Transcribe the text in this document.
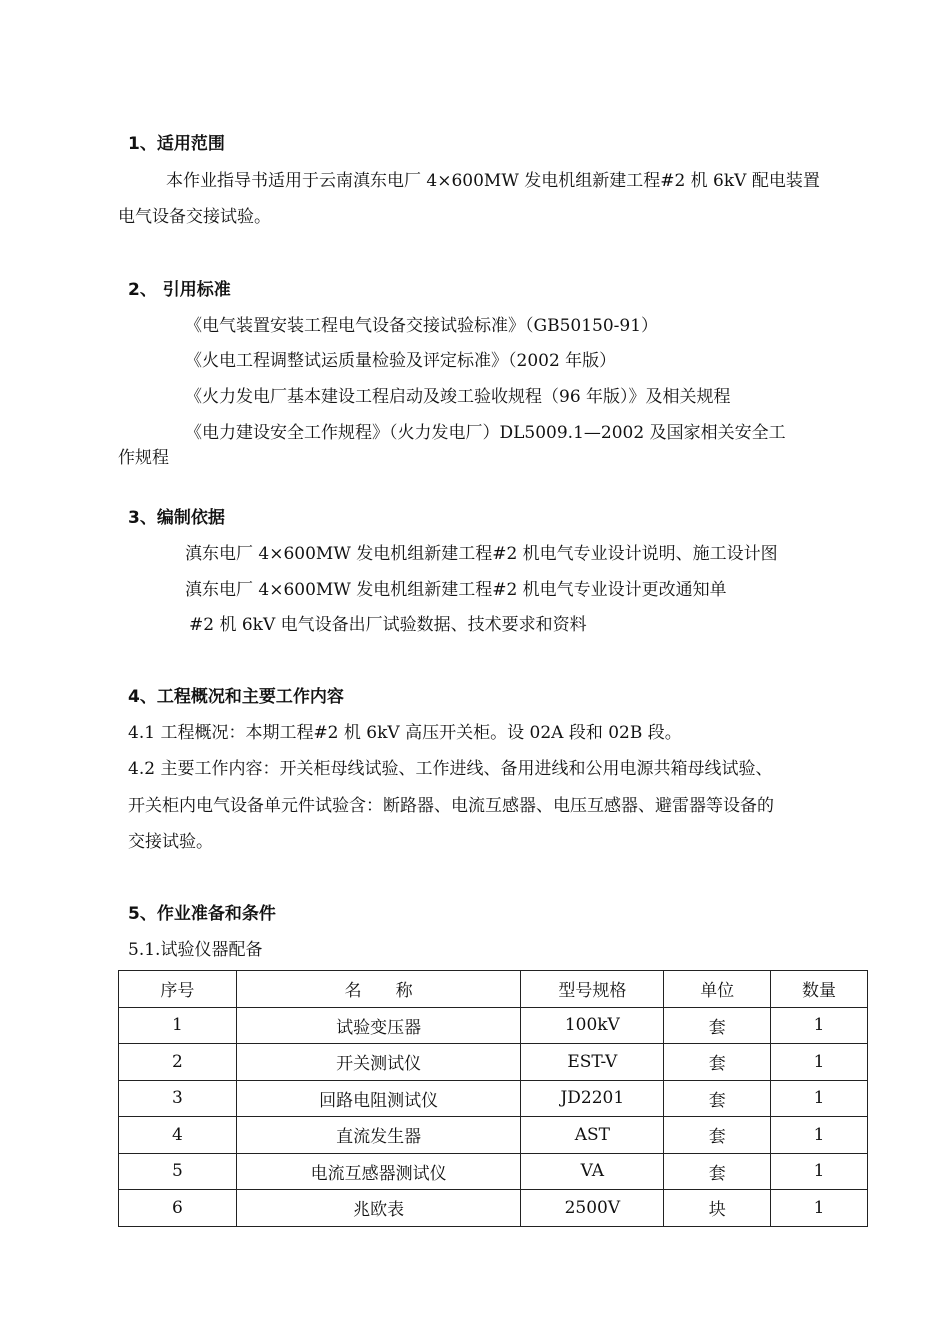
1、适用范围
本作业指导书适用于云南滇东电厂 4×600MW 发电机组新建工程#2 机 6kV 配电装置
电气设备交接试验。
2、 引用标准
《电气装置安装工程电气设备交接试验标准》（GB50150-91）
《火电工程调整试运质量检验及评定标准》（2002 年版）
《火力发电厂基本建设工程启动及竣工验收规程（96 年版）》及相关规程
《电力建设安全工作规程》（火力发电厂）DL5009.1—2002 及国家相关安全工
作规程
3、编制依据
滇东电厂 4×600MW 发电机组新建工程#2 机电气专业设计说明、施工设计图
滇东电厂 4×600MW 发电机组新建工程#2 机电气专业设计更改通知单
#2 机 6kV 电气设备出厂试验数据、技术要求和资料
4、工程概况和主要工作内容
4.1 工程概况：本期工程#2 机 6kV 高压开关柜。设 02A 段和 02B 段。
4.2 主要工作内容：开关柜母线试验、工作进线、备用进线和公用电源共箱母线试验、
开关柜内电气设备单元件试验含：断路器、电流互感器、电压互感器、避雷器等设备的
交接试验。
5、作业准备和条件
5.1.试验仪器配备
序号	名　　称	型号规格	单位	数量
1	试验变压器	100kV	套	1
2	开关测试仪	EST-V	套	1
3	回路电阻测试仪	JD2201	套	1
4	直流发生器	AST	套	1
5	电流互感器测试仪	VA	套	1
6	兆欧表	2500V	块	1
